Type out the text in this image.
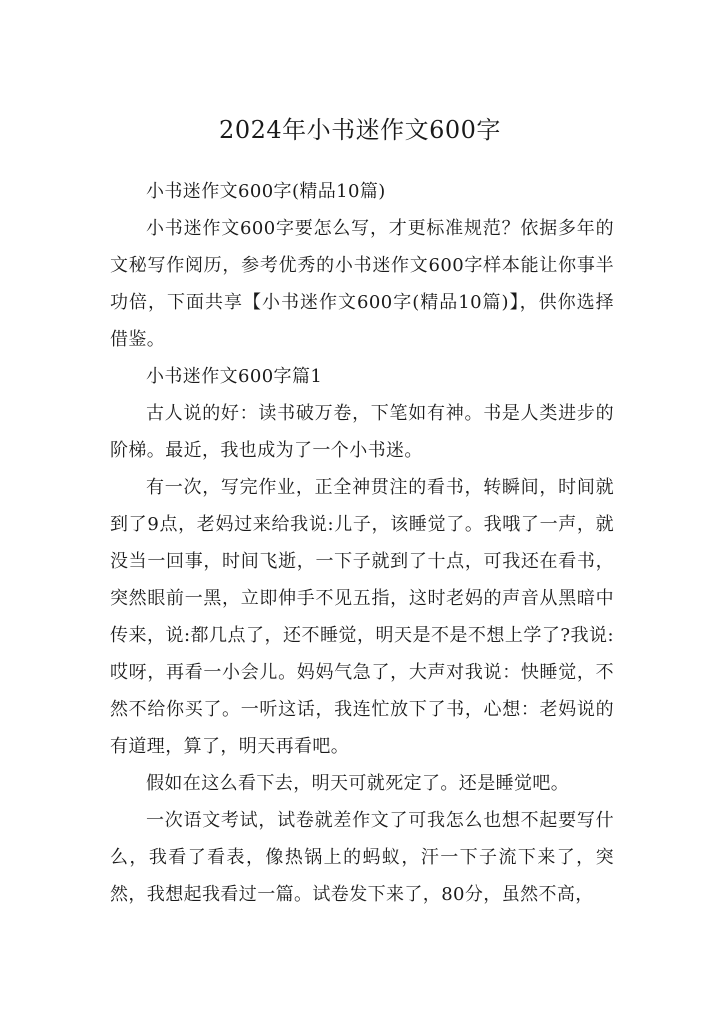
2024年小书迷作文600字

小书迷作文600字(精品10篇)

小书迷作文600字要怎么写，才更标准规范？依据多年的文秘写作阅历，参考优秀的小书迷作文600字样本能让你事半功倍，下面共享【小书迷作文600字(精品10篇)】，供你选择借鉴。

小书迷作文600字篇1

古人说的好：读书破万卷，下笔如有神。书是人类进步的阶梯。最近，我也成为了一个小书迷。

有一次，写完作业，正全神贯注的看书，转瞬间，时间就到了9点，老妈过来给我说:儿子，该睡觉了。我哦了一声，就没当一回事，时间飞逝，一下子就到了十点，可我还在看书，突然眼前一黑，立即伸手不见五指，这时老妈的声音从黑暗中传来，说:都几点了，还不睡觉，明天是不是不想上学了?我说:哎呀，再看一小会儿。妈妈气急了，大声对我说：快睡觉，不然不给你买了。一听这话，我连忙放下了书，心想：老妈说的有道理，算了，明天再看吧。

假如在这么看下去，明天可就死定了。还是睡觉吧。

一次语文考试，试卷就差作文了可我怎么也想不起要写什么，我看了看表，像热锅上的蚂蚁，汗一下子流下来了，突然，我想起我看过一篇。试卷发下来了，80分，虽然不高，
